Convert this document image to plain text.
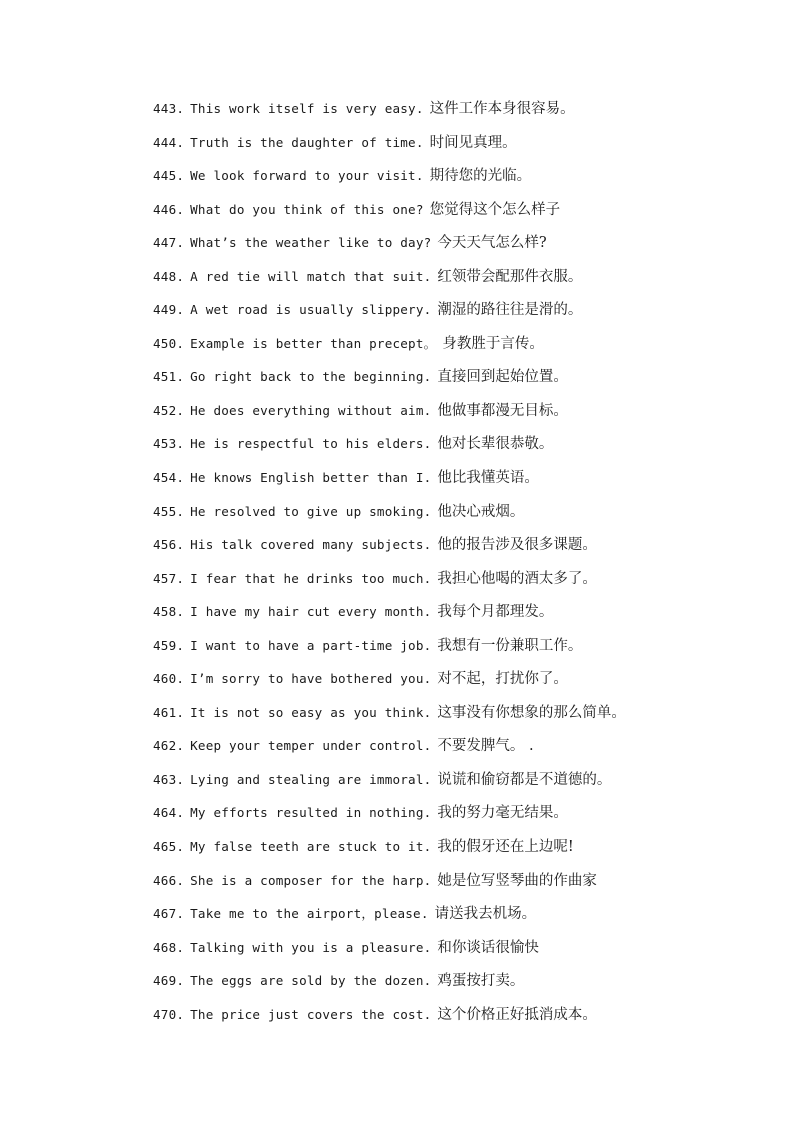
443. This work itself is very easy. 这件工作本身很容易。
444. Truth is the daughter of time. 时间见真理。
445. We look forward to your visit. 期待您的光临。
446. What do you think of this one? 您觉得这个怎么样子
447. What’s the weather like to day? 今天天气怎么样?
448. A red tie will match that suit. 红领带会配那件衣服。
449. A wet road is usually slippery. 潮湿的路往往是滑的。
450. Example is better than precept。 身教胜于言传。
451. Go right back to the beginning. 直接回到起始位置。
452. He does everything without aim. 他做事都漫无目标。
453. He is respectful to his elders. 他对长辈很恭敬。
454. He knows English better than I. 他比我懂英语。
455. He resolved to give up smoking. 他决心戒烟。
456. His talk covered many subjects. 他的报告涉及很多课题。
457. I fear that he drinks too much. 我担心他喝的酒太多了。
458. I have my hair cut every month. 我每个月都理发。
459. I want to have a part-time job. 我想有一份兼职工作。
460. I’m sorry to have bothered you. 对不起，打扰你了。
461. It is not so easy as you think. 这事没有你想象的那么简单。
462. Keep your temper under control. 不要发脾气。 .
463. Lying and stealing are immoral. 说谎和偷窃都是不道德的。
464. My efforts resulted in nothing. 我的努力毫无结果。
465. My false teeth are stuck to it. 我的假牙还在上边呢!
466. She is a composer for the harp. 她是位写竖琴曲的作曲家
467. Take me to the airport，please. 请送我去机场。
468. Talking with you is a pleasure. 和你谈话很愉快
469. The eggs are sold by the dozen. 鸡蛋按打卖。
470. The price just covers the cost. 这个价格正好抵消成本。
